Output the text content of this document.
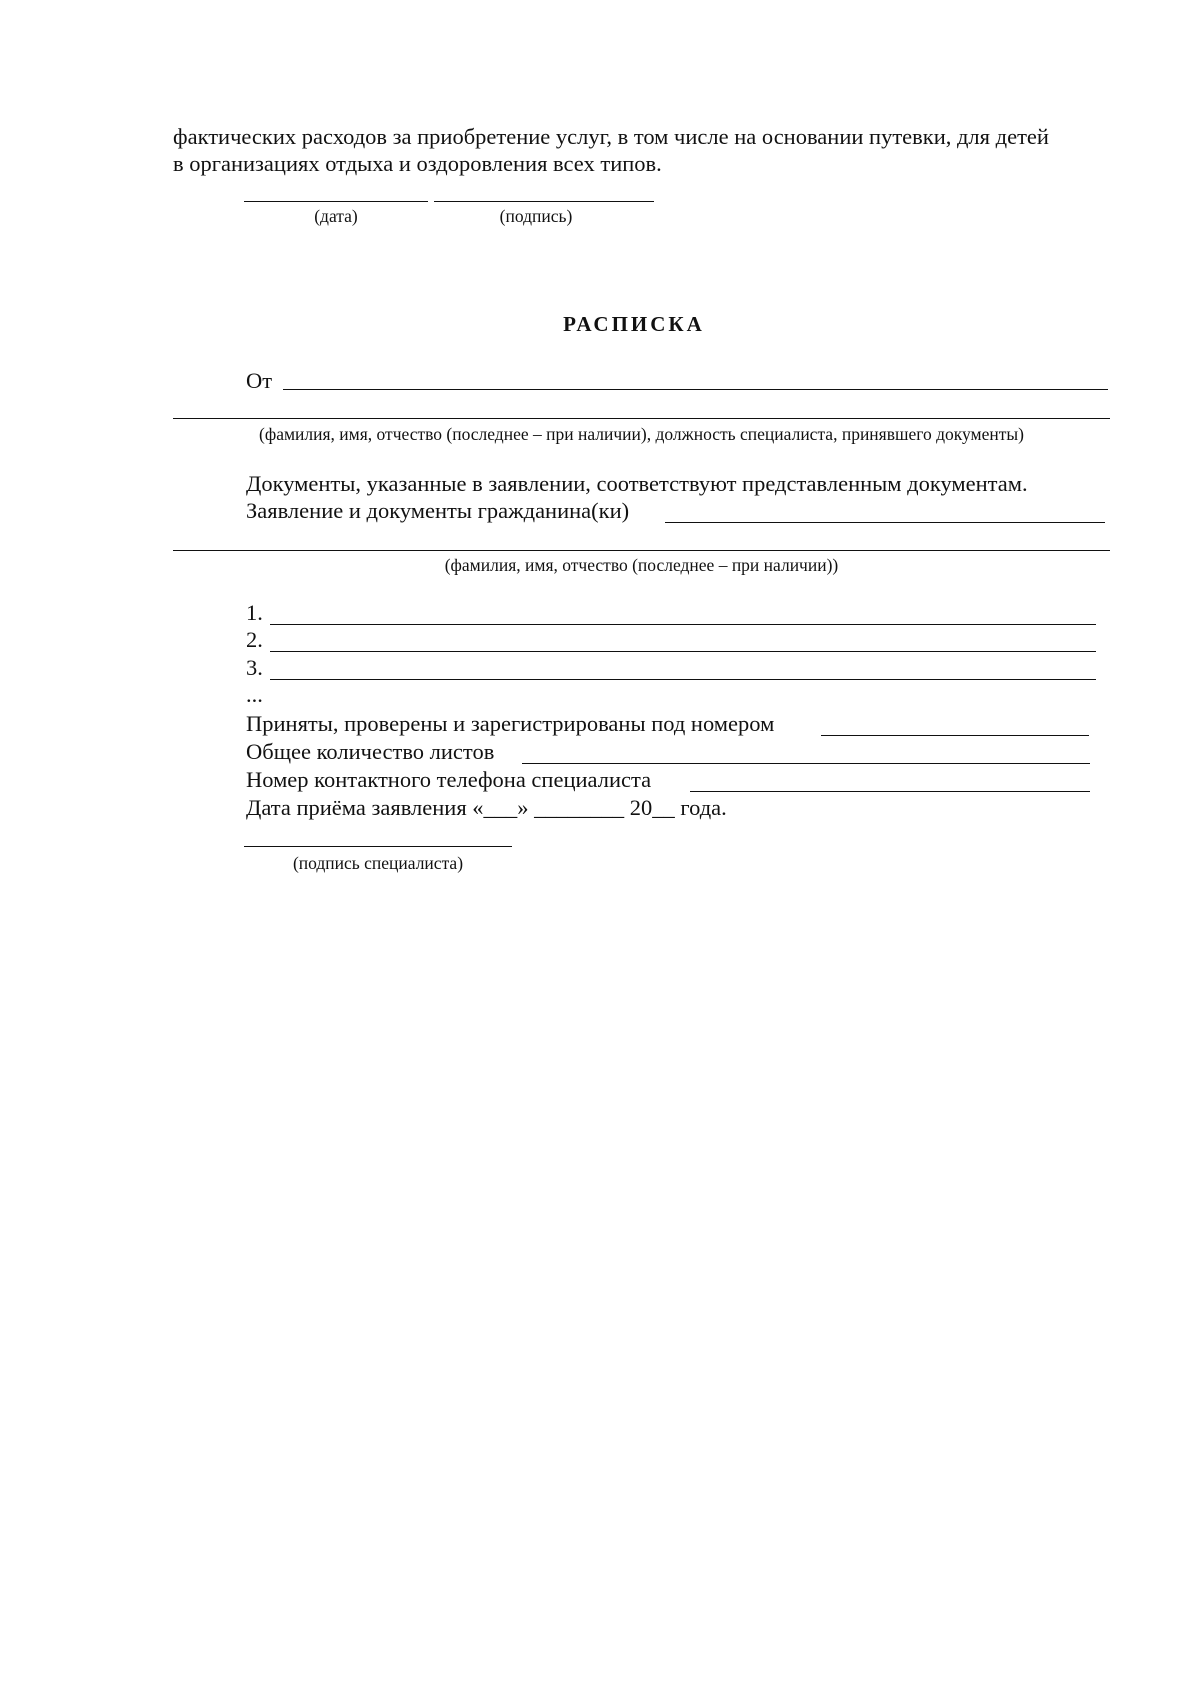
фактических расходов за приобретение услуг, в том числе на основании путевки, для детей
в организациях отдыха и оздоровления всех типов.
(дата)	(подпись)
РАСПИСКА
От
(фамилия, имя, отчество (последнее – при наличии), должность специалиста, принявшего документы)
Документы, указанные в заявлении, соответствуют представленным документам.
Заявление и документы гражданина(ки)
(фамилия, имя, отчество (последнее – при наличии))
1.
2.
3.
...
Приняты, проверены и зарегистрированы под номером
Общее количество листов
Номер контактного телефона специалиста
Дата приёма заявления «___» ________ 20__ года.
(подпись специалиста)
